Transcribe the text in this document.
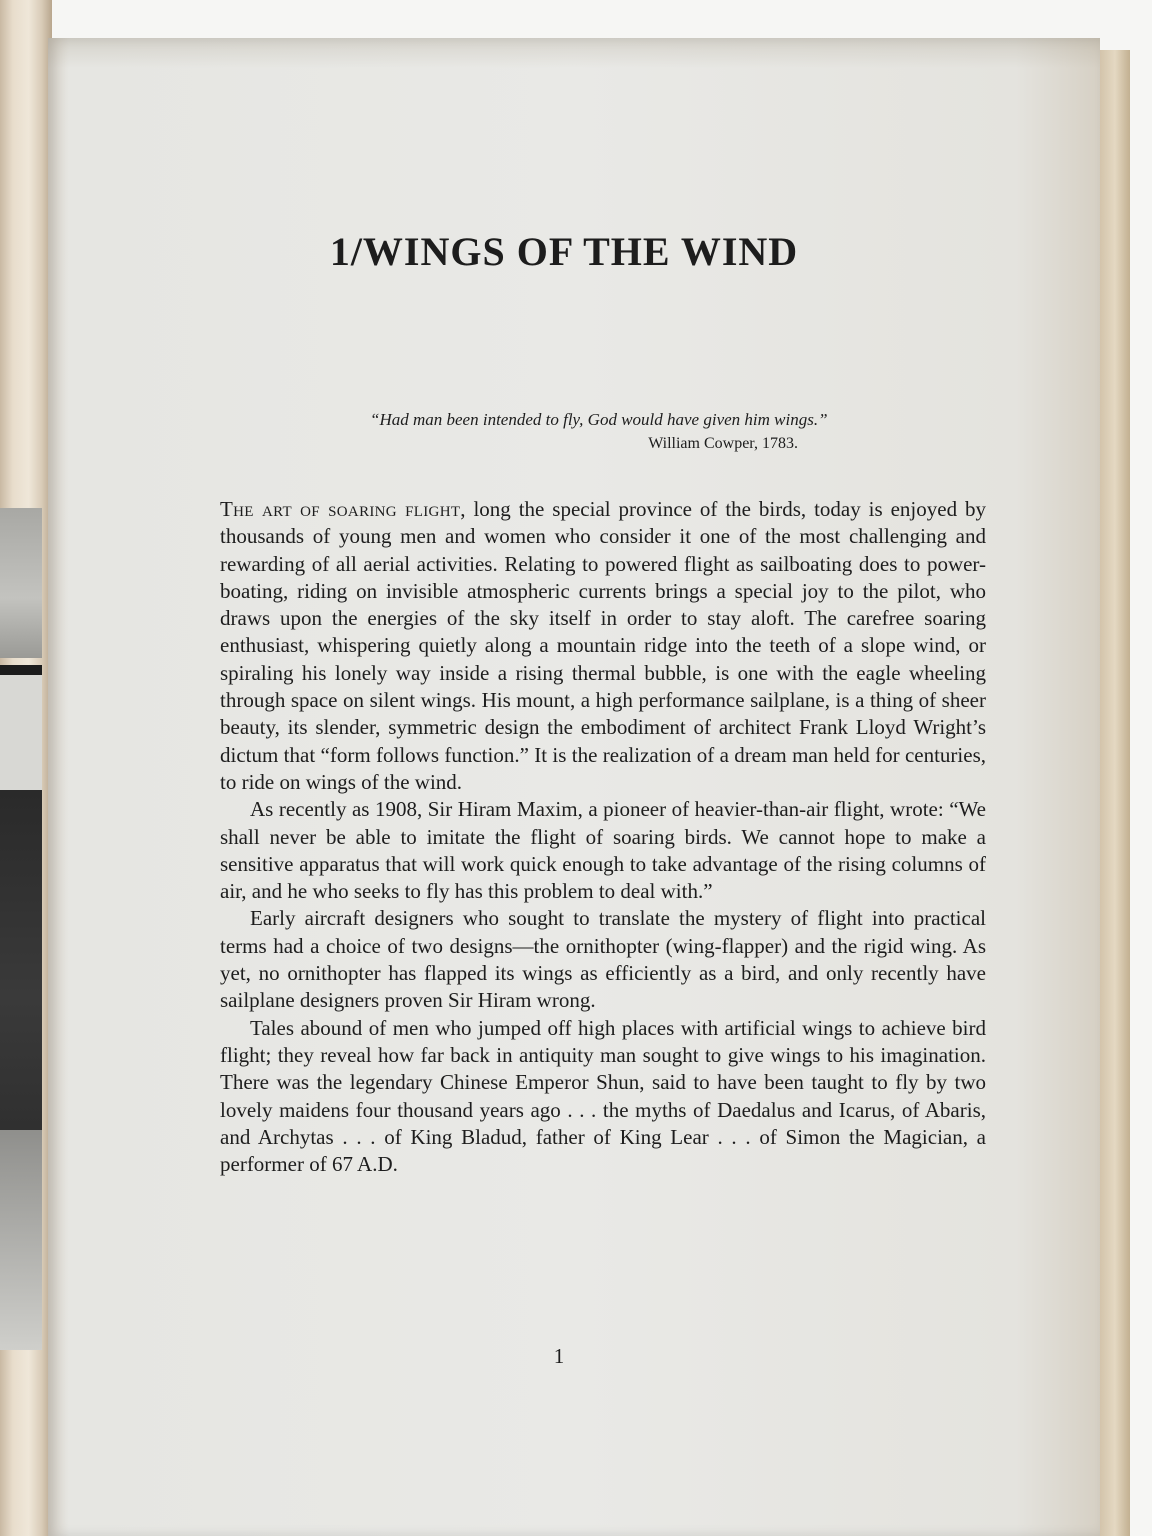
1/WINGS OF THE WIND

“Had man been intended to fly, God would have given him wings.”

William Cowper, 1783.

The art of soaring flight, long the special province of the birds, today is enjoyed by thousands of young men and women who consider it one of the most challenging and rewarding of all aerial activities. Relating to powered flight as sailboating does to power-boating, riding on invisible atmospheric currents brings a special joy to the pilot, who draws upon the energies of the sky itself in order to stay aloft. The carefree soaring enthusiast, whispering quietly along a mountain ridge into the teeth of a slope wind, or spiraling his lonely way inside a rising thermal bubble, is one with the eagle wheeling through space on silent wings. His mount, a high performance sailplane, is a thing of sheer beauty, its slender, symmetric design the embodiment of architect Frank Lloyd Wright’s dictum that “form follows function.” It is the realization of a dream man held for centuries, to ride on wings of the wind.

As recently as 1908, Sir Hiram Maxim, a pioneer of heavier-than-air flight, wrote: “We shall never be able to imitate the flight of soaring birds. We cannot hope to make a sensitive apparatus that will work quick enough to take advantage of the rising columns of air, and he who seeks to fly has this problem to deal with.”

Early aircraft designers who sought to translate the mystery of flight into practical terms had a choice of two designs—the ornithopter (wing-flapper) and the rigid wing. As yet, no ornithopter has flapped its wings as efficiently as a bird, and only recently have sailplane designers proven Sir Hiram wrong.

Tales abound of men who jumped off high places with artificial wings to achieve bird flight; they reveal how far back in antiquity man sought to give wings to his imagination. There was the legendary Chinese Emperor Shun, said to have been taught to fly by two lovely maidens four thousand years ago . . . the myths of Daedalus and Icarus, of Abaris, and Archytas . . . of King Bladud, father of King Lear . . . of Simon the Magician, a performer of 67 A.D.

1
